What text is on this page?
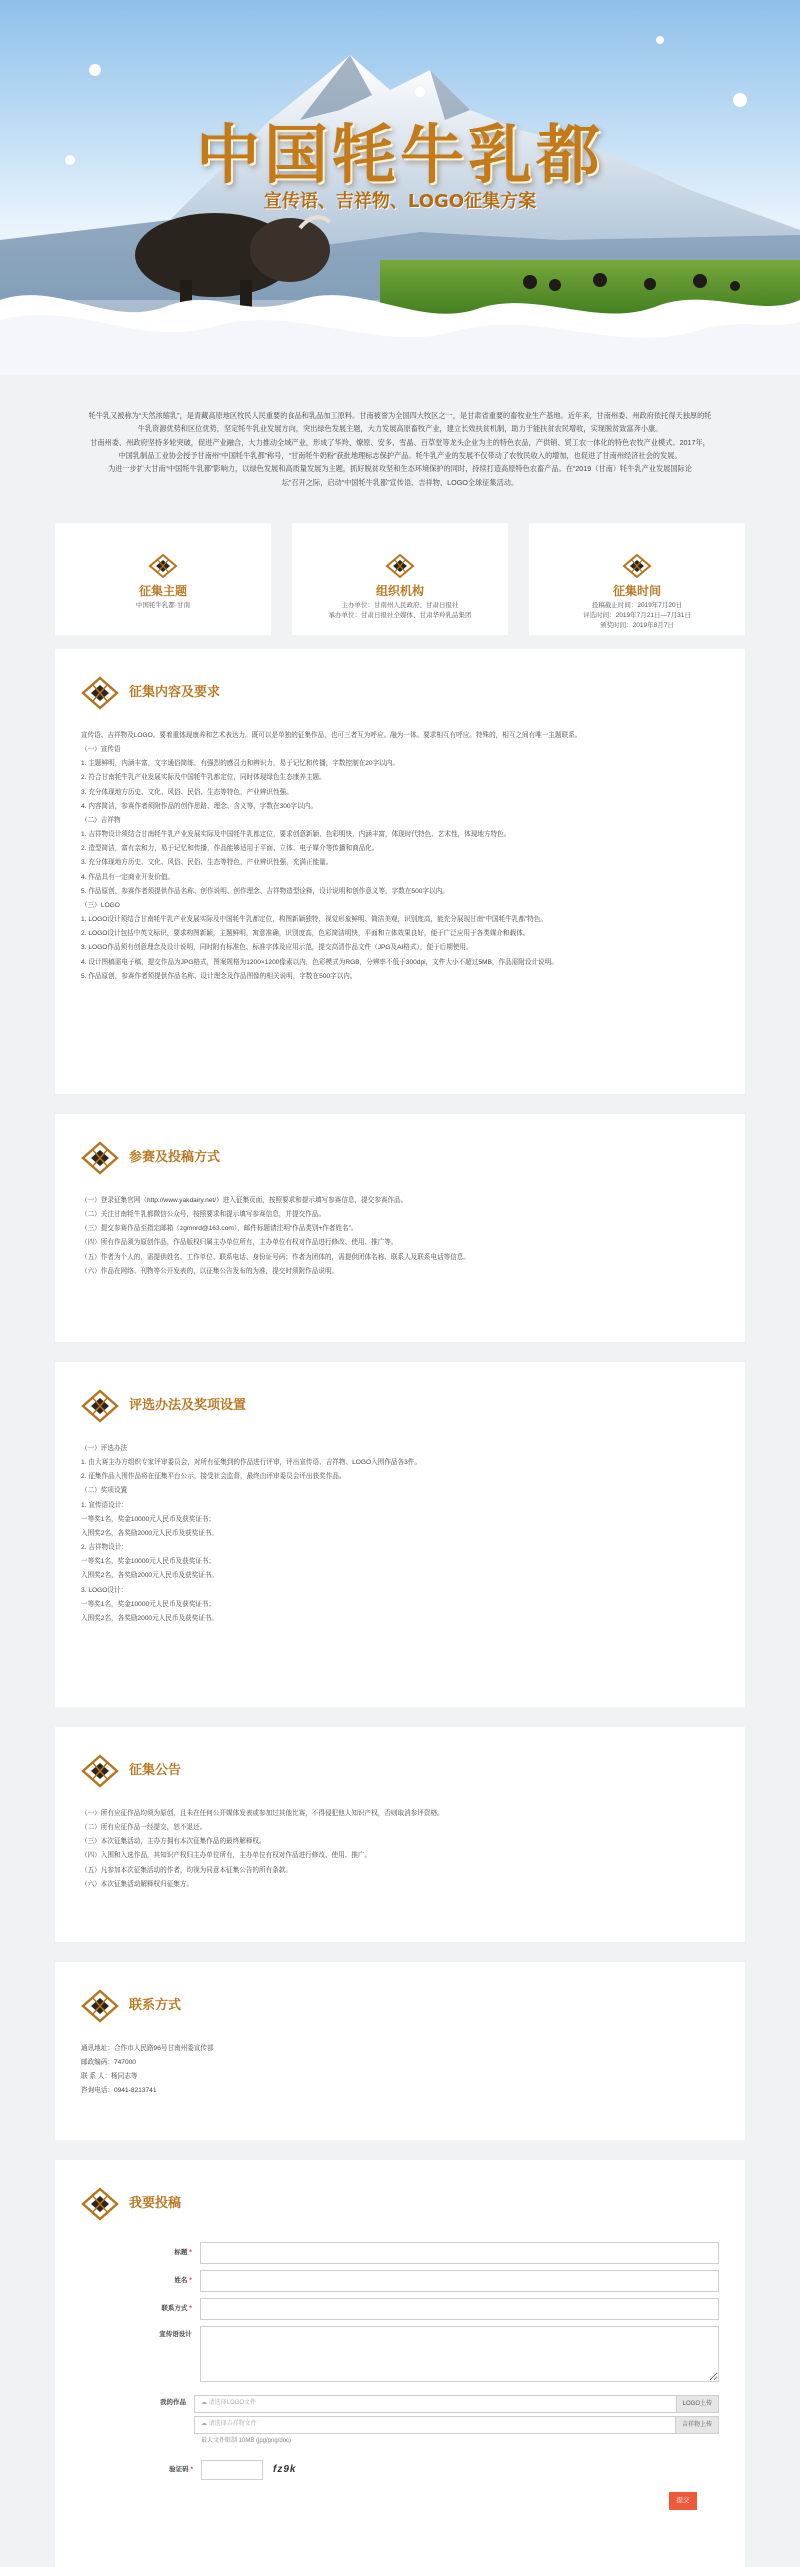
中国牦牛乳都
宣传语、吉祥物、LOGO征集方案

牦牛乳又被称为“天然浓缩乳”，是青藏高原地区牧民人民重要的食品和乳品加工原料。甘南被誉为全国四大牧区之一，是甘肃省重要的畜牧业生产基地。近年来，甘南州委、州政府依托得天独厚的牦

牛乳资源优势和区位优势，坚定牦牛乳业发展方向，突出绿色发展主题，大力发展高原畜牧产业，建立长效扶贫机制，助力于能扶贫农民增收，实现脱贫致富奔小康。

甘南州委、州政府坚持多轮突破，促进产业融合，大力推动全域产业，形成了华羚、燎原、安多、雪晶、百草堂等龙头企业为主的特色农品，产供销、贸工农一体化的特色农牧产业模式。2017年，

中国乳制品工业协会授予甘南州“中国牦牛乳都”称号，“甘南牦牛奶粉”获批地理标志保护产品。牦牛乳产业的发展不仅带动了农牧民收入的增加，也促进了甘南州经济社会的发展。

为进一步扩大甘南“中国牦牛乳都”影响力，以绿色发展和高质量发展为主题，抓好脱贫攻坚和生态环境保护的同时，持续打造高原特色农畜产品。在“2019（甘南）牦牛乳产业发展国际论

坛”召开之际，启动“中国牦牛乳都”宣传语、吉祥物、LOGO全球征集活动。

征集主题
中国牦牛乳都·甘南
组织机构
主办单位：甘南州人民政府、甘肃日报社
承办单位：甘肃日报社全媒体、甘肃华羚乳品集团
征集时间
投稿截止时间：2019年7月20日
评选时间：2019年7月21日—7月31日
颁奖时间：2019年8月7日
征集内容及要求

宣传语、吉祥物及LOGO。要着重体现康养和艺术表达力。既可以是单独的征集作品，也可三者互为呼应。融为一体。要求相互有呼应。特殊的，相互之间有唯一主题联系。

（一）宣传语

1. 主题鲜明，内涵丰富，文字通俗简练，有强烈的感召力和辨识力，易于记忆和传播，字数控制在20字以内。

2. 符合甘南牦牛乳产业发展实际及中国牦牛乳都定位，同时体现绿色生态康养主题。

3. 充分体现地方历史、文化、风俗、民俗、生态等特色，产业辨识性强。

4. 内容简洁，参赛作者须附作品的创作思路、理念、含义等，字数在300字以内。

（二）吉祥物

1. 吉祥物设计须结合甘南牦牛乳产业发展实际及中国牦牛乳都定位，要求创意新颖、色彩明快，内涵丰富，体现时代特色、艺术性，体现地方特色。

2. 造型简洁，富有亲和力，易于记忆和传播，作品能够适用于平面、立体、电子媒介等传播和商品化。

3. 充分体现地方历史、文化、风俗、民俗、生态等特色，产业辨识性强，充满正能量。

4. 作品具有一定商业开发价值。

5. 作品原创，参赛作者须提供作品名称、创作说明、创作理念、吉祥物造型诠释，设计说明和创作意义等，字数在500字以内。

（三）LOGO

1. LOGO设计须结合甘南牦牛乳产业发展实际及中国牦牛乳都定位，构图新颖独特、视觉形象鲜明、简洁美观，识别度高，能充分展现甘南“中国牦牛乳都”特色。

2. LOGO设计包括中英文标识，要求构图新颖，主题鲜明，寓意准确，识别度高，色彩简洁明快，平面和立体效果良好，便于广泛应用于各类媒介和载体。

3. LOGO作品须有创意理念及设计说明，同时附有标准色、标准字体及应用示范，提交高清作品文件（JPG及AI格式），便于后期使用。

4. 设计图稿需电子稿，提交作品为JPG格式，图案规格为1200×1200像素以内，色彩模式为RGB，分辨率不低于300dpi，文件大小不超过5MB，作品需附设计说明。

5. 作品原创，参赛作者须提供作品名称、设计理念及作品图像的相关说明，字数在500字以内。

参赛及投稿方式

（一）登录征集官网（http://www.yakdairy.net/）进入征集页面，按照要求和提示填写参赛信息，提交参赛作品。

（二）关注甘南牦牛乳都微信公众号，按照要求和提示填写参赛信息，并提交作品。

（三）提交参赛作品至指定邮箱（zgmnrd@163.com），邮件标题请注明“作品类别+作者姓名”。

（四）所有作品须为原创作品，作品版权归属主办单位所有，主办单位有权对作品进行修改、使用、推广等。

（五）作者为个人的，需提供姓名、工作单位、联系电话、身份证号码；作者为团体的，需提供团体名称、联系人及联系电话等信息。

（六）作品在网络、刊物等公开发表的，以征集公告发布的为准，提交时须附作品说明。

评选办法及奖项设置

（一）评选办法

1. 由大赛主办方组织专家评审委员会，对所有征集到的作品进行评审，评出宣传语、吉祥物、LOGO入围作品各3件。

2. 征集作品入围作品将在征集平台公示，接受社会监督，最终由评审委员会评出获奖作品。

（二）奖项设置

1. 宣传语设计：

一等奖1名，奖金10000元人民币及获奖证书；

入围奖2名，各奖励2000元人民币及获奖证书。

2. 吉祥物设计：

一等奖1名，奖金10000元人民币及获奖证书；

入围奖2名，各奖励2000元人民币及获奖证书。

3. LOGO设计：

一等奖1名，奖金10000元人民币及获奖证书；

入围奖2名，各奖励2000元人民币及获奖证书。

征集公告

（一）所有应征作品均须为原创，且未在任何公开媒体发表或参加过其他比赛，不得侵犯他人知识产权，否则取消参评资格。

（二）所有应征作品一经提交，恕不退还。

（三）本次征集活动，主办方拥有本次征集作品的最终解释权。

（四）入围和入选作品，其知识产权归主办单位所有，主办单位有权对作品进行修改、使用、推广。

（五）凡参加本次征集活动的作者，均视为同意本征集公告的所有条款。

（六）本次征集活动解释权归征集方。

联系方式

通讯地址：合作市人民路96号甘南州委宣传部

邮政编码：747000

联 系 人：杨同志等

咨询电话：0941-8213741

我要投稿
标题 *
姓名 *
联系方式 *
宣传语设计
我的作品	☁ 请选择LOGO文件	LOGO上传
☁ 请选择吉祥物文件	吉祥物上传
最大文件限制 10MB (jpg/png/doc)
验证码 *	fz9k
提交
